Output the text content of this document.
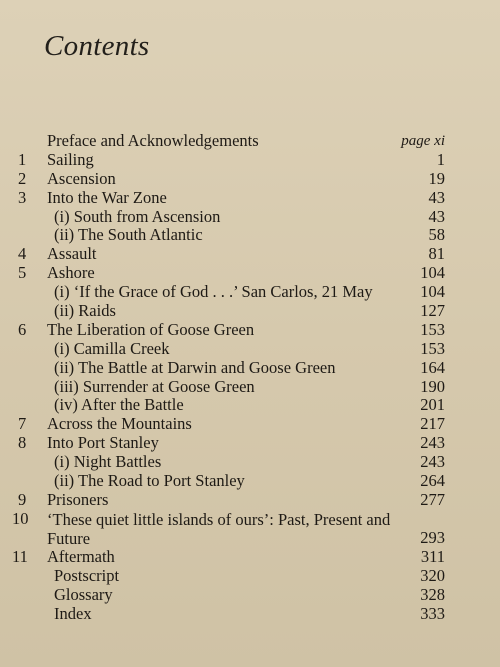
Contents
Preface and Acknowledgements	page xi
1	Sailing	1
2	Ascension	19
3	Into the War Zone	43
(i) South from Ascension	43
(ii) The South Atlantic	58
4	Assault	81
5	Ashore	104
(i) ‘If the Grace of God . . .’ San Carlos, 21 May	104
(ii) Raids	127
6	The Liberation of Goose Green	153
(i) Camilla Creek	153
(ii) The Battle at Darwin and Goose Green	164
(iii) Surrender at Goose Green	190
(iv) After the Battle	201
7	Across the Mountains	217
8	Into Port Stanley	243
(i) Night Battles	243
(ii) The Road to Port Stanley	264
9	Prisoners	277
10	‘These quiet little islands of ours’: Past, Present and Future	293
11	Aftermath	311
Postscript	320
Glossary	328
Index	333
